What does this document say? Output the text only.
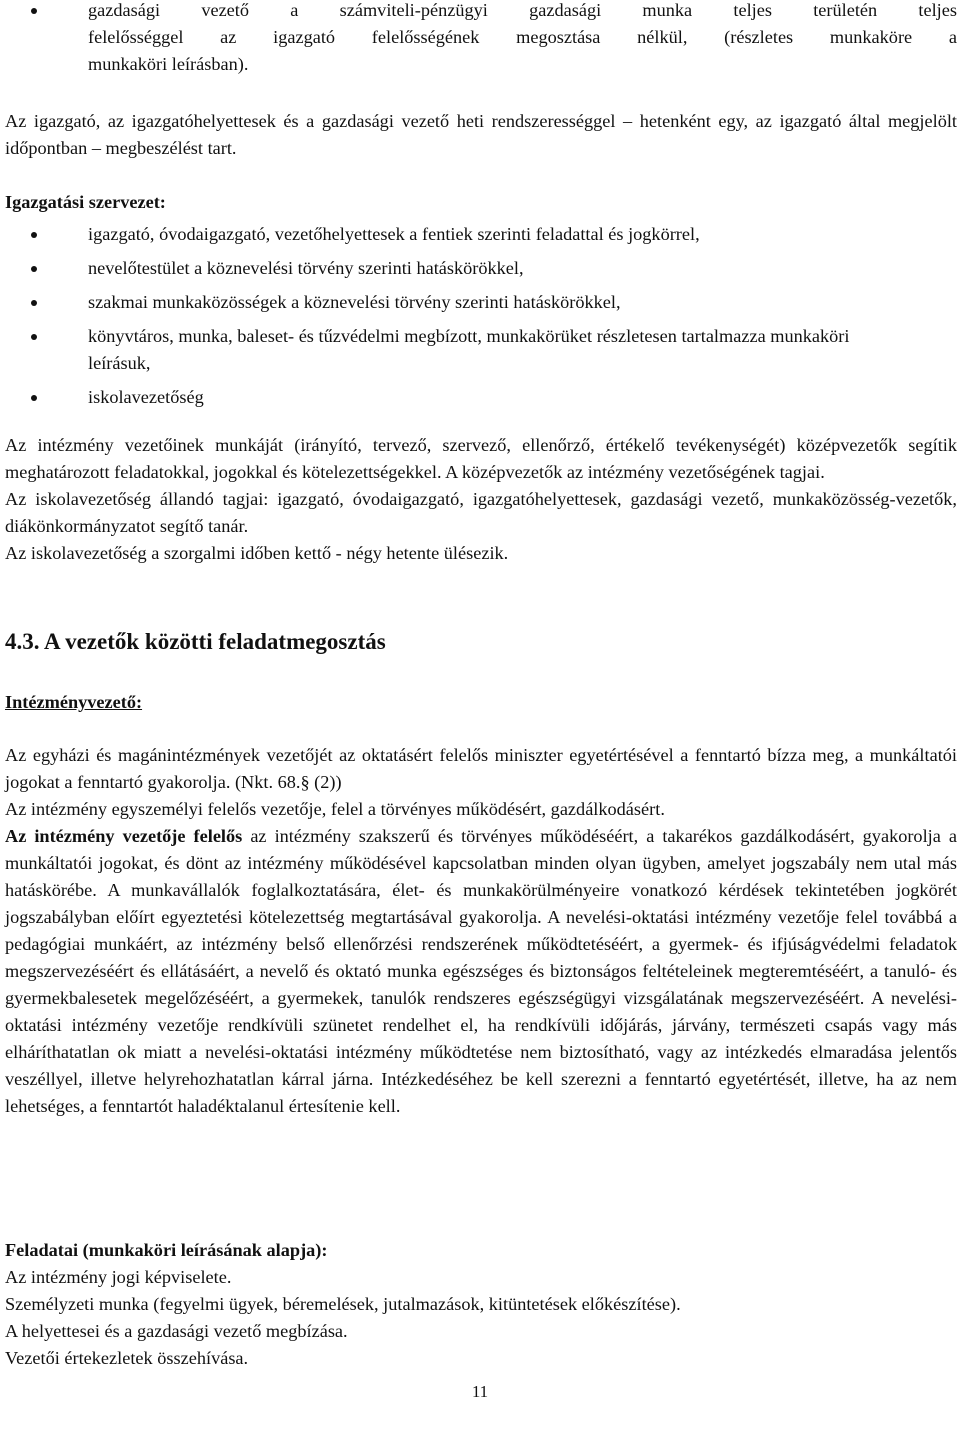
gazdasági vezető a számviteli-pénzügyi gazdasági munka teljes területén teljes
felelősséggel az igazgató felelősségének megosztása nélkül, (részletes munkaköre a
munkaköri leírásban).

Az igazgató, az igazgatóhelyettesek és a gazdasági vezető heti rendszerességgel – hetenként egy, az igazgató által megjelölt időpontban – megbeszélést tart.

Igazgatási szervezet:

igazgató, óvodaigazgató, vezetőhelyettesek a fentiek szerinti feladattal és jogkörrel,
nevelőtestület a köznevelési törvény szerinti hatáskörökkel,
szakmai munkaközösségek a köznevelési törvény szerinti hatáskörökkel,
könyvtáros, munka, baleset- és tűzvédelmi megbízott, munkakörüket részletesen tartalmazza munkaköri leírásuk,
iskolavezetőség

Az intézmény vezetőinek munkáját (irányító, tervező, szervező, ellenőrző, értékelő tevékenységét) középvezetők segítik meghatározott feladatokkal, jogokkal és kötelezettségekkel. A középvezetők az intézmény vezetőségének tagjai.

Az iskolavezetőség állandó tagjai: igazgató, óvodaigazgató, igazgatóhelyettesek, gazdasági vezető, munkaközösség-vezetők, diákönkormányzatot segítő tanár.

Az iskolavezetőség a szorgalmi időben kettő - négy hetente ülésezik.

4.3. A vezetők közötti feladatmegosztás

Intézményvezető:

Az egyházi és magánintézmények vezetőjét az oktatásért felelős miniszter egyetértésével a fenntartó bízza meg, a munkáltatói jogokat a fenntartó gyakorolja. (Nkt. 68.§ (2))

Az intézmény egyszemélyi felelős vezetője, felel a törvényes működésért, gazdálkodásért.

Az intézmény vezetője felelős az intézmény szakszerű és törvényes működéséért, a takarékos gazdálkodásért, gyakorolja a munkáltatói jogokat, és dönt az intézmény működésével kapcsolatban minden olyan ügyben, amelyet jogszabály nem utal más hatáskörébe. A munkavállalók foglalkoztatására, élet- és munkakörülményeire vonatkozó kérdések tekintetében jogkörét jogszabályban előírt egyeztetési kötelezettség megtartásával gyakorolja. A nevelési-oktatási intézmény vezetője felel továbbá a pedagógiai munkáért, az intézmény belső ellenőrzési rendszerének működtetéséért, a gyermek- és ifjúságvédelmi feladatok megszervezéséért és ellátásáért, a nevelő és oktató munka egészséges és biztonságos feltételeinek megteremtéséért, a tanuló- és gyermekbalesetek megelőzéséért, a gyermekek, tanulók rendszeres egészségügyi vizsgálatának megszervezéséért. A nevelési-oktatási intézmény vezetője rendkívüli szünetet rendelhet el, ha rendkívüli időjárás, járvány, természeti csapás vagy más elháríthatatlan ok miatt a nevelési-oktatási intézmény működtetése nem biztosítható, vagy az intézkedés elmaradása jelentős veszéllyel, illetve helyrehozhatatlan kárral járna. Intézkedéséhez be kell szerezni a fenntartó egyetértését, illetve, ha az nem lehetséges, a fenntartót haladéktalanul értesítenie kell.

Feladatai (munkaköri leírásának alapja):

Az intézmény jogi képviselete.

Személyzeti munka (fegyelmi ügyek, béremelések, jutalmazások, kitüntetések előkészítése).

A helyettesei és a gazdasági vezető megbízása.

Vezetői értekezletek összehívása.

11
